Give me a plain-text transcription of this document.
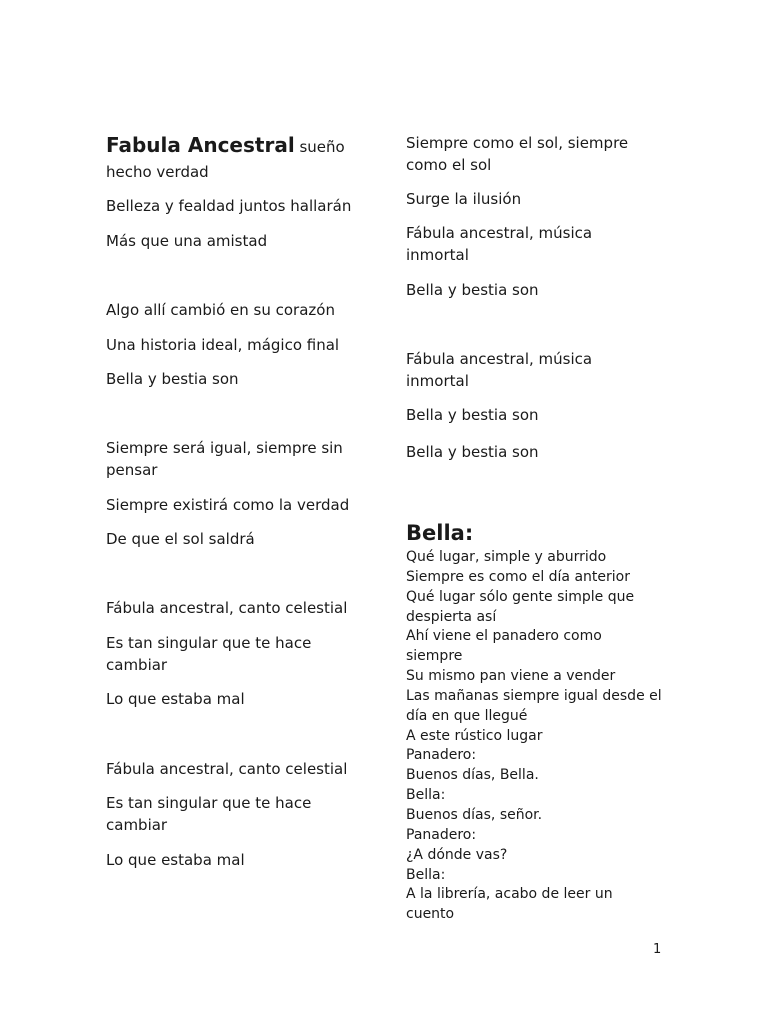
Fabula Ancestral sueño

hecho verdad

Belleza y fealdad juntos hallarán

Más que una amistad

Algo allí cambió en su corazón

Una historia ideal, mágico final

Bella y bestia son

Siempre será igual, siempre sin

pensar

Siempre existirá como la verdad

De que el sol saldrá

Fábula ancestral, canto celestial

Es tan singular que te hace

cambiar

Lo que estaba mal

Fábula ancestral, canto celestial

Es tan singular que te hace

cambiar

Lo que estaba mal

Siempre como el sol, siempre

como el sol

Surge la ilusión

Fábula ancestral, música

inmortal

Bella y bestia son

Fábula ancestral, música

inmortal

Bella y bestia son

Bella y bestia son

Bella:

Qué lugar, simple y aburrido

Siempre es como el día anterior

Qué lugar sólo gente simple que

despierta así

Ahí viene el panadero como

siempre

Su mismo pan viene a vender

Las mañanas siempre igual desde el

día en que llegué

A este rústico lugar

Panadero:

Buenos días, Bella.

Bella:

Buenos días, señor.

Panadero:

¿A dónde vas?

Bella:

A la librería, acabo de leer un

cuento

1
